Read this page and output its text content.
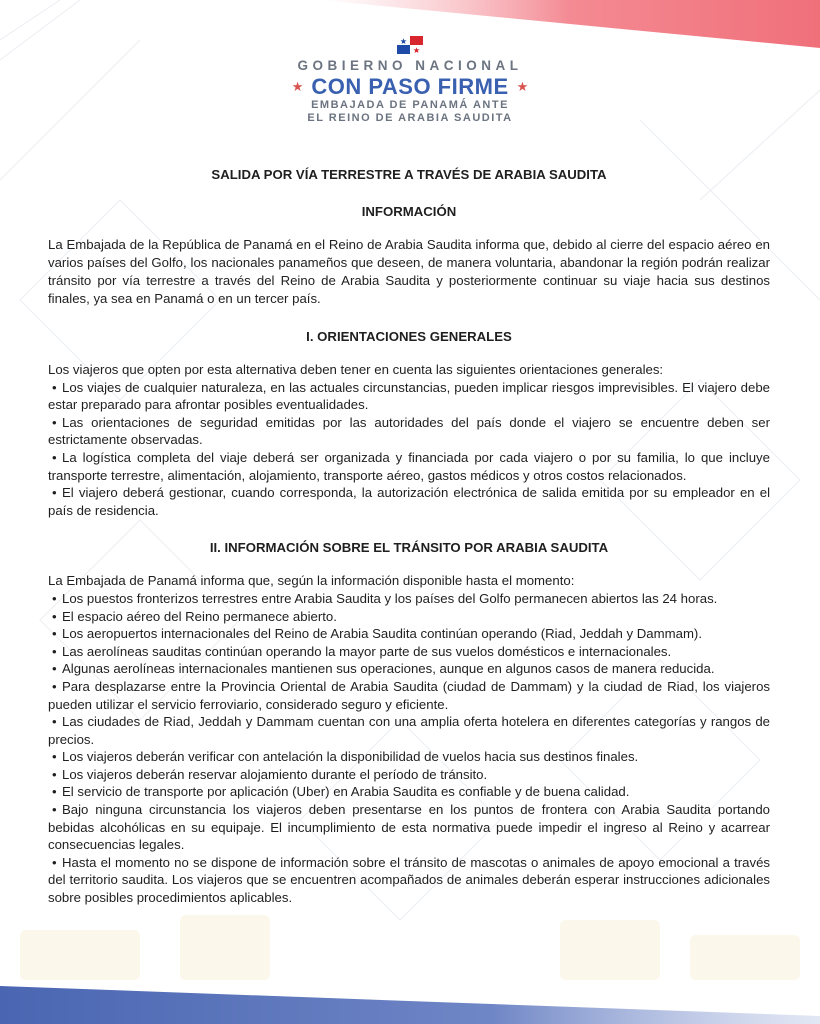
GOBIERNO NACIONAL
★ CON PASO FIRME ★
EMBAJADA DE PANAMÁ ANTE
EL REINO DE ARABIA SAUDITA
SALIDA POR VÍA TERRESTRE A TRAVÉS DE ARABIA SAUDITA
INFORMACIÓN

La Embajada de la República de Panamá en el Reino de Arabia Saudita informa que, debido al cierre del espacio aéreo en varios países del Golfo, los nacionales panameños que deseen, de manera voluntaria, abandonar la región podrán realizar tránsito por vía terrestre a través del Reino de Arabia Saudita y posteriormente continuar su viaje hacia sus destinos finales, ya sea en Panamá o en un tercer país.

I. ORIENTACIONES GENERALES

Los viajeros que opten por esta alternativa deben tener en cuenta las siguientes orientaciones generales:

• Los viajes de cualquier naturaleza, en las actuales circunstancias, pueden implicar riesgos imprevisibles. El viajero debe estar preparado para afrontar posibles eventualidades.
• Las orientaciones de seguridad emitidas por las autoridades del país donde el viajero se encuentre deben ser estrictamente observadas.
• La logística completa del viaje deberá ser organizada y financiada por cada viajero o por su familia, lo que incluye transporte terrestre, alimentación, alojamiento, transporte aéreo, gastos médicos y otros costos relacionados.
• El viajero deberá gestionar, cuando corresponda, la autorización electrónica de salida emitida por su empleador en el país de residencia.
II. INFORMACIÓN SOBRE EL TRÁNSITO POR ARABIA SAUDITA

La Embajada de Panamá informa que, según la información disponible hasta el momento:

• Los puestos fronterizos terrestres entre Arabia Saudita y los países del Golfo permanecen abiertos las 24 horas.
• El espacio aéreo del Reino permanece abierto.
• Los aeropuertos internacionales del Reino de Arabia Saudita continúan operando (Riad, Jeddah y Dammam).
• Las aerolíneas sauditas continúan operando la mayor parte de sus vuelos domésticos e internacionales.
• Algunas aerolíneas internacionales mantienen sus operaciones, aunque en algunos casos de manera reducida.
• Para desplazarse entre la Provincia Oriental de Arabia Saudita (ciudad de Dammam) y la ciudad de Riad, los viajeros pueden utilizar el servicio ferroviario, considerado seguro y eficiente.
• Las ciudades de Riad, Jeddah y Dammam cuentan con una amplia oferta hotelera en diferentes categorías y rangos de precios.
• Los viajeros deberán verificar con antelación la disponibilidad de vuelos hacia sus destinos finales.
• Los viajeros deberán reservar alojamiento durante el período de tránsito.
• El servicio de transporte por aplicación (Uber) en Arabia Saudita es confiable y de buena calidad.
• Bajo ninguna circunstancia los viajeros deben presentarse en los puntos de frontera con Arabia Saudita portando bebidas alcohólicas en su equipaje. El incumplimiento de esta normativa puede impedir el ingreso al Reino y acarrear consecuencias legales.
• Hasta el momento no se dispone de información sobre el tránsito de mascotas o animales de apoyo emocional a través del territorio saudita. Los viajeros que se encuentren acompañados de animales deberán esperar instrucciones adicionales sobre posibles procedimientos aplicables.
